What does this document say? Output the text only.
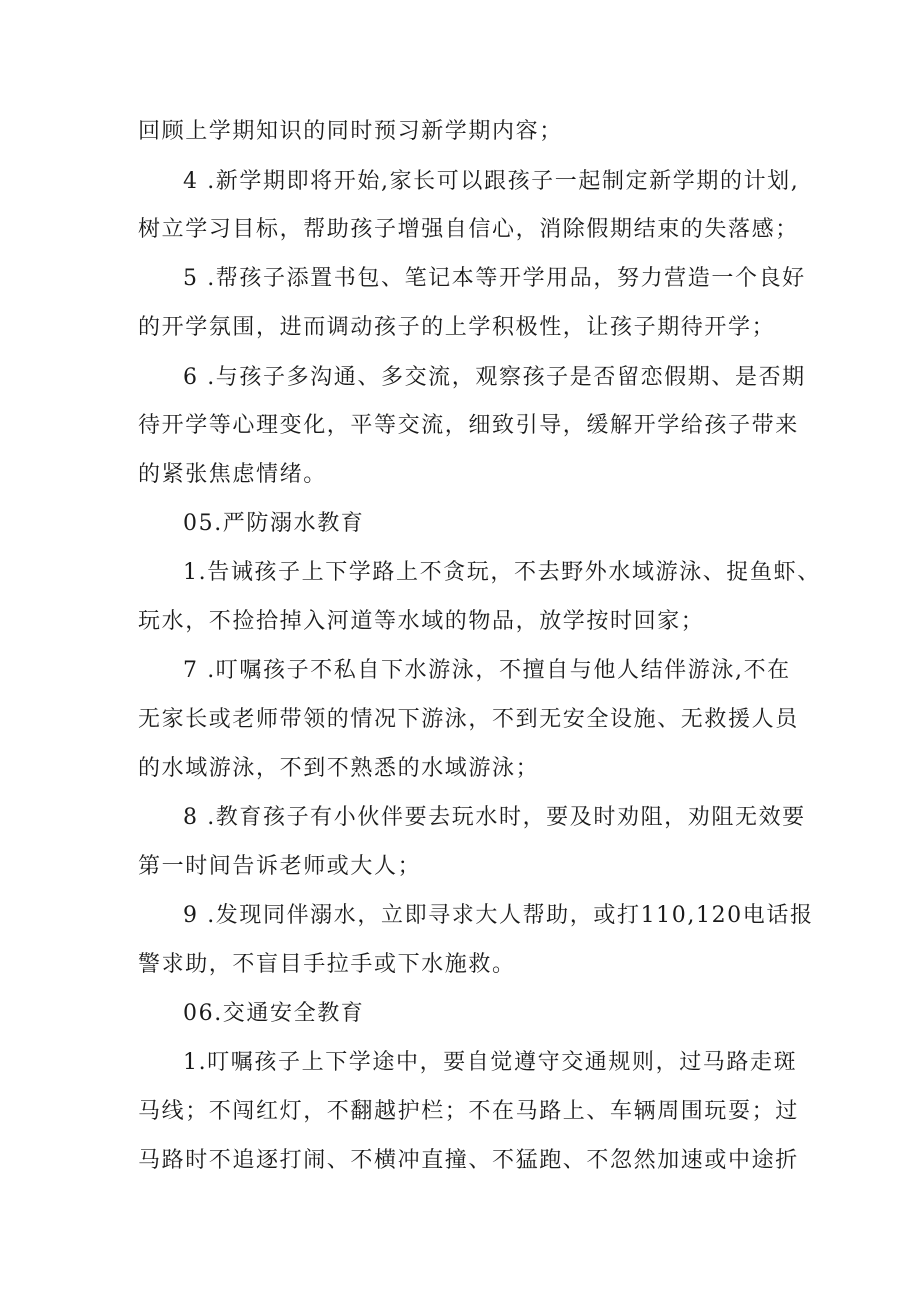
回顾上学期知识的同时预习新学期内容；
4 .新学期即将开始,家长可以跟孩子一起制定新学期的计划,
树立学习目标，帮助孩子增强自信心，消除假期结束的失落感；
5 .帮孩子添置书包、笔记本等开学用品，努力营造一个良好
的开学氛围，进而调动孩子的上学积极性，让孩子期待开学；
6 .与孩子多沟通、多交流，观察孩子是否留恋假期、是否期
待开学等心理变化，平等交流，细致引导，缓解开学给孩子带来
的紧张焦虑情绪。
05.严防溺水教育
1.告诫孩子上下学路上不贪玩，不去野外水域游泳、捉鱼虾、
玩水，不捡拾掉入河道等水域的物品，放学按时回家；
7 .叮嘱孩子不私自下水游泳，不擅自与他人结伴游泳,不在
无家长或老师带领的情况下游泳，不到无安全设施、无救援人员
的水域游泳，不到不熟悉的水域游泳；
8 .教育孩子有小伙伴要去玩水时，要及时劝阻，劝阻无效要
第一时间告诉老师或大人；
9 .发现同伴溺水，立即寻求大人帮助，或打110,120电话报
警求助，不盲目手拉手或下水施救。
06.交通安全教育
1.叮嘱孩子上下学途中，要自觉遵守交通规则，过马路走斑
马线；不闯红灯，不翻越护栏；不在马路上、车辆周围玩耍；过
马路时不追逐打闹、不横冲直撞、不猛跑、不忽然加速或中途折
